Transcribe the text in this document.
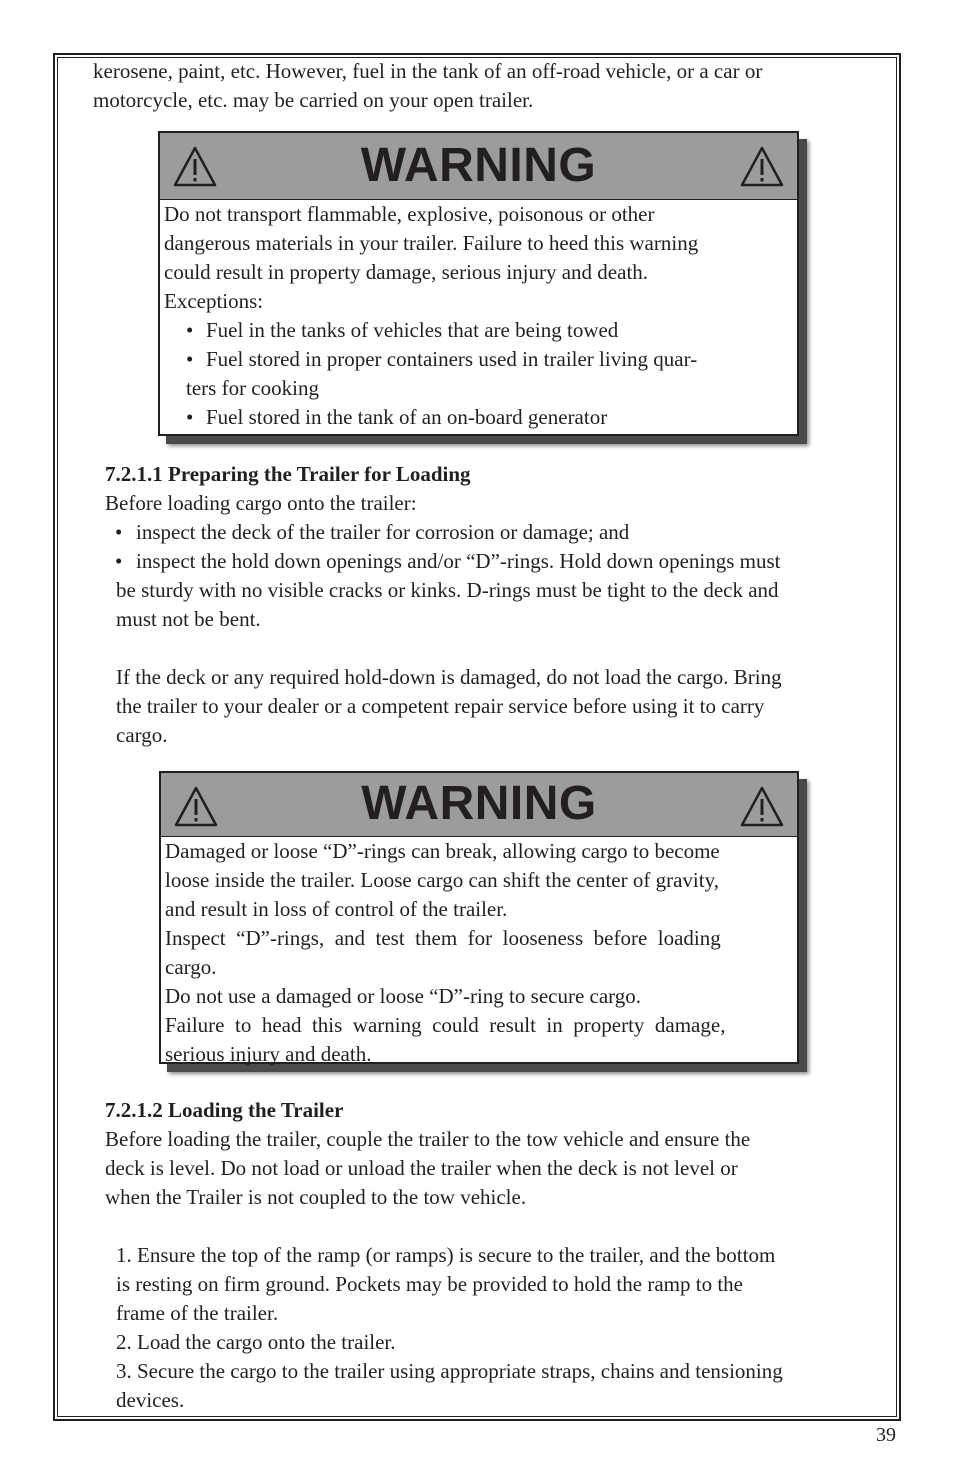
kerosene, paint, etc. However, fuel in the tank of an off-road vehicle, or a car or
motorcycle, etc. may be carried on your open trailer.
WARNING

Do not transport flammable, explosive, poisonous or other

dangerous materials in your trailer. Failure to heed this warning

could result in property damage, serious injury and death.

Exceptions:

• Fuel in the tanks of vehicles that are being towed

• Fuel stored in proper containers used in trailer living quar-

ters for cooking

• Fuel stored in the tank of an on-board generator

7.2.1.1 Preparing the Trailer for Loading
Before loading cargo onto the trailer:
• inspect the deck of the trailer for corrosion or damage; and
• inspect the hold down openings and/or “D”-rings. Hold down openings must
be sturdy with no visible cracks or kinks. D-rings must be tight to the deck and
must not be bent.
If the deck or any required hold-down is damaged, do not load the cargo. Bring
the trailer to your dealer or a competent repair service before using it to carry
cargo.
WARNING

Damaged or loose “D”-rings can break, allowing cargo to become

loose inside the trailer. Loose cargo can shift the center of gravity,

and result in loss of control of the trailer.

Inspect  “D”-rings,  and  test  them  for  looseness  before  loading

cargo.

Do not use a damaged or loose “D”-ring to secure cargo.

Failure  to  head  this  warning  could  result  in  property  damage,

serious injury and death.

7.2.1.2 Loading the Trailer
Before loading the trailer, couple the trailer to the tow vehicle and ensure the
deck is level. Do not load or unload the trailer when the deck is not level or
when the Trailer is not coupled to the tow vehicle.
1. Ensure the top of the ramp (or ramps) is secure to the trailer, and the bottom
is resting on firm ground. Pockets may be provided to hold the ramp to the
frame of the trailer.
2. Load the cargo onto the trailer.
3. Secure the cargo to the trailer using appropriate straps, chains and tensioning
devices.
39
